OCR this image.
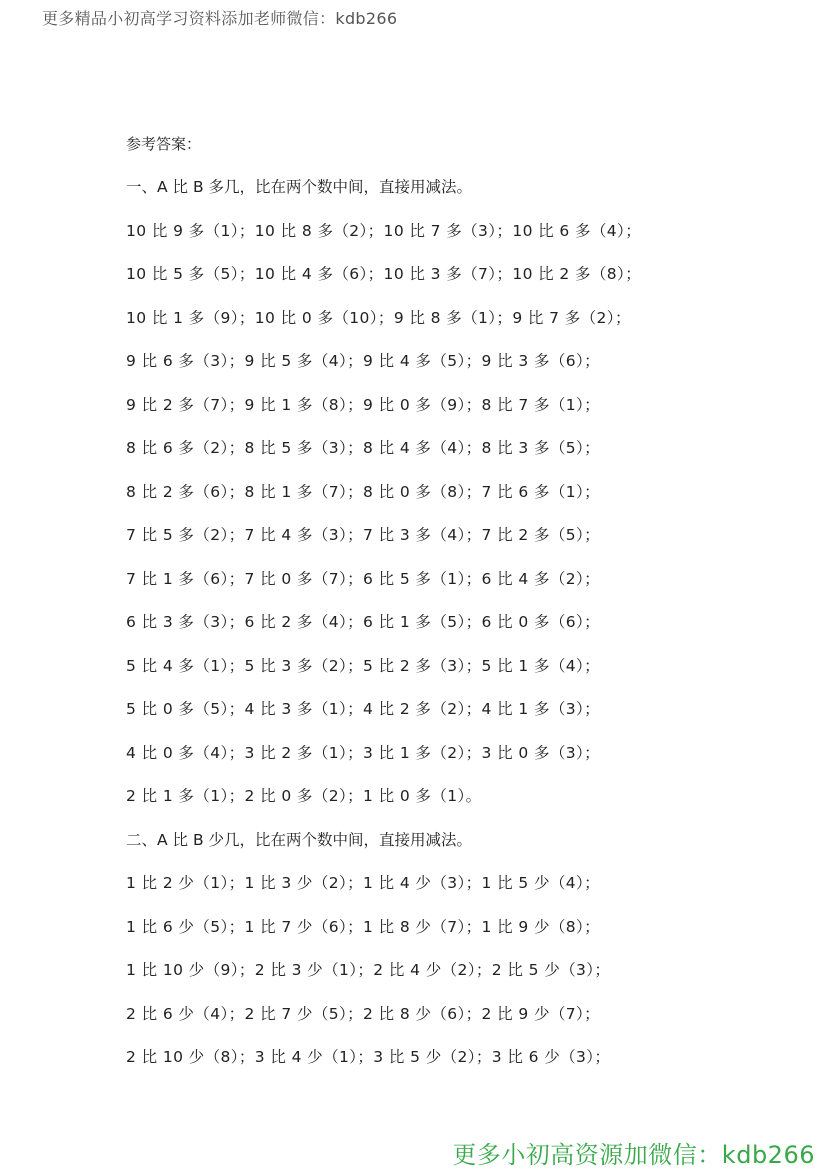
更多精品小初高学习资料添加老师微信：kdb266
参考答案：
一、A 比 B 多几，比在两个数中间，直接用减法。
10 比 9 多（1）；10 比 8 多（2）；10 比 7 多（3）；10 比 6 多（4）；
10 比 5 多（5）；10 比 4 多（6）；10 比 3 多（7）；10 比 2 多（8）；
10 比 1 多（9）；10 比 0 多（10）；9 比 8 多（1）；9 比 7 多（2）；
9 比 6 多（3）；9 比 5 多（4）；9 比 4 多（5）；9 比 3 多（6）；
9 比 2 多（7）；9 比 1 多（8）；9 比 0 多（9）；8 比 7 多（1）；
8 比 6 多（2）；8 比 5 多（3）；8 比 4 多（4）；8 比 3 多（5）；
8 比 2 多（6）；8 比 1 多（7）；8 比 0 多（8）；7 比 6 多（1）；
7 比 5 多（2）；7 比 4 多（3）；7 比 3 多（4）；7 比 2 多（5）；
7 比 1 多（6）；7 比 0 多（7）；6 比 5 多（1）；6 比 4 多（2）；
6 比 3 多（3）；6 比 2 多（4）；6 比 1 多（5）；6 比 0 多（6）；
5 比 4 多（1）；5 比 3 多（2）；5 比 2 多（3）；5 比 1 多（4）；
5 比 0 多（5）；4 比 3 多（1）；4 比 2 多（2）；4 比 1 多（3）；
4 比 0 多（4）；3 比 2 多（1）；3 比 1 多（2）；3 比 0 多（3）；
2 比 1 多（1）；2 比 0 多（2）；1 比 0 多（1）。
二、A 比 B 少几，比在两个数中间，直接用减法。
1 比 2 少（1）；1 比 3 少（2）；1 比 4 少（3）；1 比 5 少（4）；
1 比 6 少（5）；1 比 7 少（6）；1 比 8 少（7）；1 比 9 少（8）；
1 比 10 少（9）；2 比 3 少（1）；2 比 4 少（2）；2 比 5 少（3）；
2 比 6 少（4）；2 比 7 少（5）；2 比 8 少（6）；2 比 9 少（7）；
2 比 10 少（8）；3 比 4 少（1）；3 比 5 少（2）；3 比 6 少（3）；
更多小初高资源加微信：kdb266
